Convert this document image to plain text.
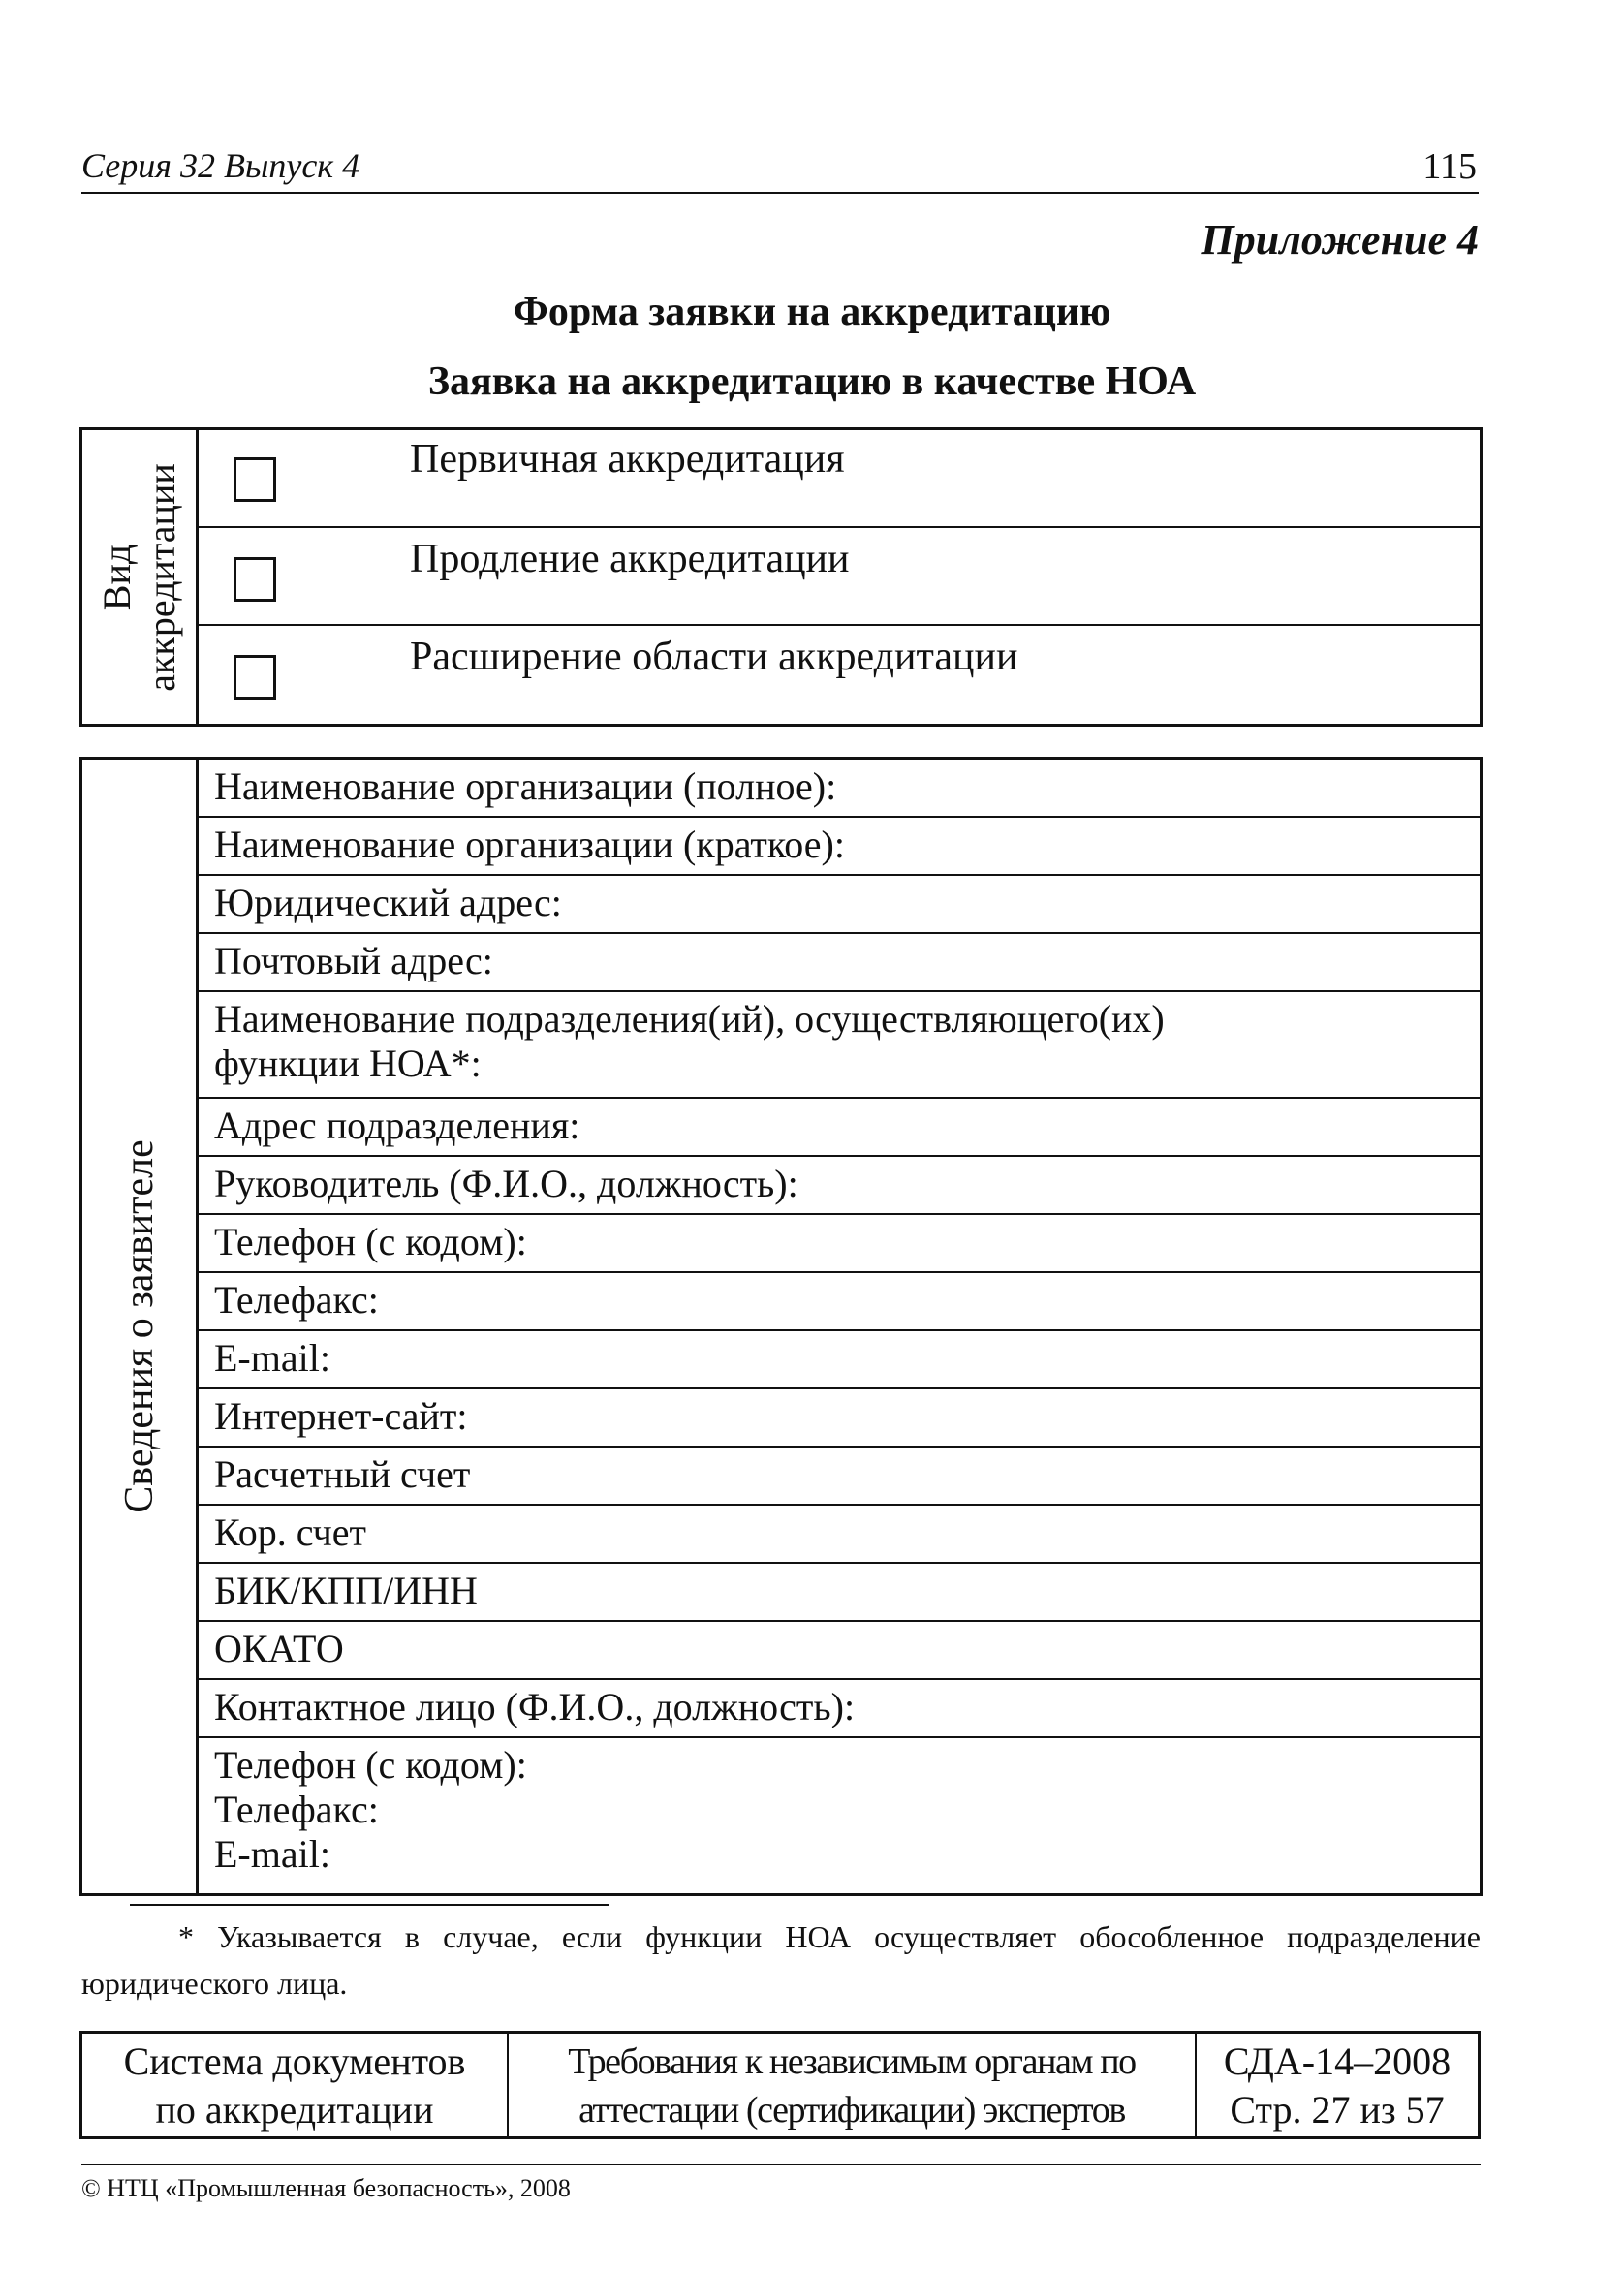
Серия 32 Выпуск 4	115
Приложение 4
Форма заявки на аккредитацию
Заявка на аккредитацию в качестве НОА
Вид аккредитации
Первичная аккредитация
Продление аккредитации
Расширение области аккредитации
Сведения о заявителе
Наименование организации (полное):
Наименование организации (краткое):
Юридический адрес:
Почтовый адрес:
Наименование подразделения(ий), осуществляющего(их)
функции НОА*:
Адрес подразделения:
Руководитель (Ф.И.О., должность):
Телефон (с кодом):
Телефакс:
E-mail:
Интернет-сайт:
Расчетный счет
Кор. счет
БИК/КПП/ИНН
ОКАТО
Контактное лицо (Ф.И.О., должность):
Телефон (с кодом):
Телефакс:
E-mail:
* Указывается в случае, если функции НОА осуществляет обособленное подразделение юридического лица.
Система документов
по аккредитации
Требования к независимым органам по
аттестации (сертификации) экспертов
СДА-14–2008
Стр. 27 из 57
© НТЦ «Промышленная безопасность», 2008
